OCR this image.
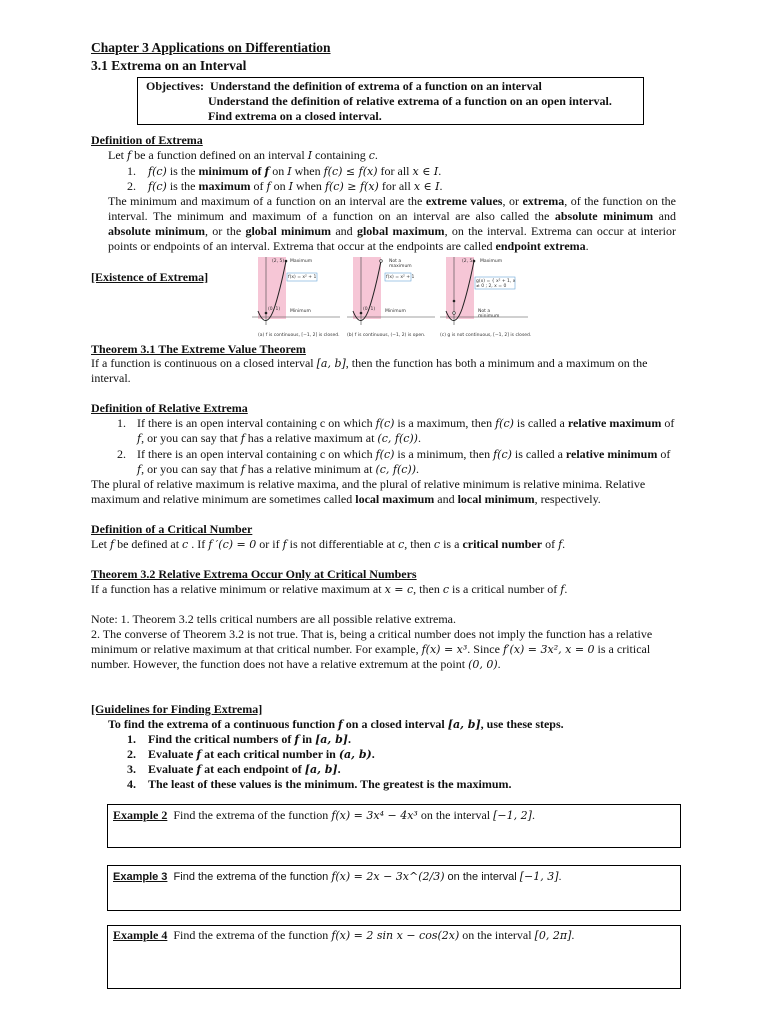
Chapter 3 Applications on Differentiation
3.1 Extrema on an Interval
Objectives: Understand the definition of extrema of a function on an interval
Understand the definition of relative extrema of a function on an open interval.
Find extrema on a closed interval.
Definition of Extrema
Let f be a function defined on an interval I containing c.
1. f(c) is the minimum of f on I when f(c) ≤ f(x) for all x ∈ I.
2. f(c) is the maximum of f on I when f(c) ≥ f(x) for all x ∈ I.
The minimum and maximum of a function on an interval are the extreme values, or extrema, of the function on the interval. The minimum and maximum of a function on an interval are also called the absolute minimum and absolute minimum, or the global minimum and global maximum, on the interval. Extrema can occur at interior points or endpoints of an interval. Extrema that occur at the endpoints are called endpoint extrema.
[Existence of Extrema]
(2, 5) Maximum
f(x) = x² + 1
(0, 1) Minimum
(a) f is continuous, [−1, 2] is closed.
Not a maximum
f(x) = x² + 1
(0, 1) Minimum
(b) f is continuous, (−1, 2) is open.
(2, 5) Maximum
g(x) = { x² + 1, x ≠ 0 ; 2, x = 0
Not a minimum
(c) g is not continuous, [−1, 2] is closed.
Theorem 3.1 The Extreme Value Theorem
If a function is continuous on a closed interval [a, b], then the function has both a minimum and a maximum on the interval.
Definition of Relative Extrema
1. If there is an open interval containing c on which f(c) is a maximum, then f(c) is called a relative maximum of f, or you can say that f has a relative maximum at (c, f(c)).
2. If there is an open interval containing c on which f(c) is a minimum, then f(c) is called a relative minimum of f, or you can say that f has a relative minimum at (c, f(c)).
The plural of relative maximum is relative maxima, and the plural of relative minimum is relative minima. Relative maximum and relative minimum are sometimes called local maximum and local minimum, respectively.
Definition of a Critical Number
Let f be defined at c . If f ′(c) = 0 or if f is not differentiable at c, then c is a critical number of f.
Theorem 3.2 Relative Extrema Occur Only at Critical Numbers
If a function has a relative minimum or relative maximum at x = c, then c is a critical number of f.
Note: 1. Theorem 3.2 tells critical numbers are all possible relative extrema.
2. The converse of Theorem 3.2 is not true. That is, being a critical number does not imply the function has a relative minimum or relative maximum at that critical number. For example, f(x) = x³. Since f′(x) = 3x², x = 0 is a critical number. However, the function does not have a relative extremum at the point (0, 0).
[Guidelines for Finding Extrema]
To find the extrema of a continuous function f on a closed interval [a, b], use these steps.
1. Find the critical numbers of f in [a, b].
2. Evaluate f at each critical number in (a, b).
3. Evaluate f at each endpoint of [a, b].
4. The least of these values is the minimum. The greatest is the maximum.
Example 2 Find the extrema of the function f(x) = 3x⁴ − 4x³ on the interval [−1, 2].
Example 3 Find the extrema of the function f(x) = 2x − 3x^(2/3) on the interval [−1, 3].
Example 4 Find the extrema of the function f(x) = 2 sin x − cos(2x) on the interval [0, 2π].
